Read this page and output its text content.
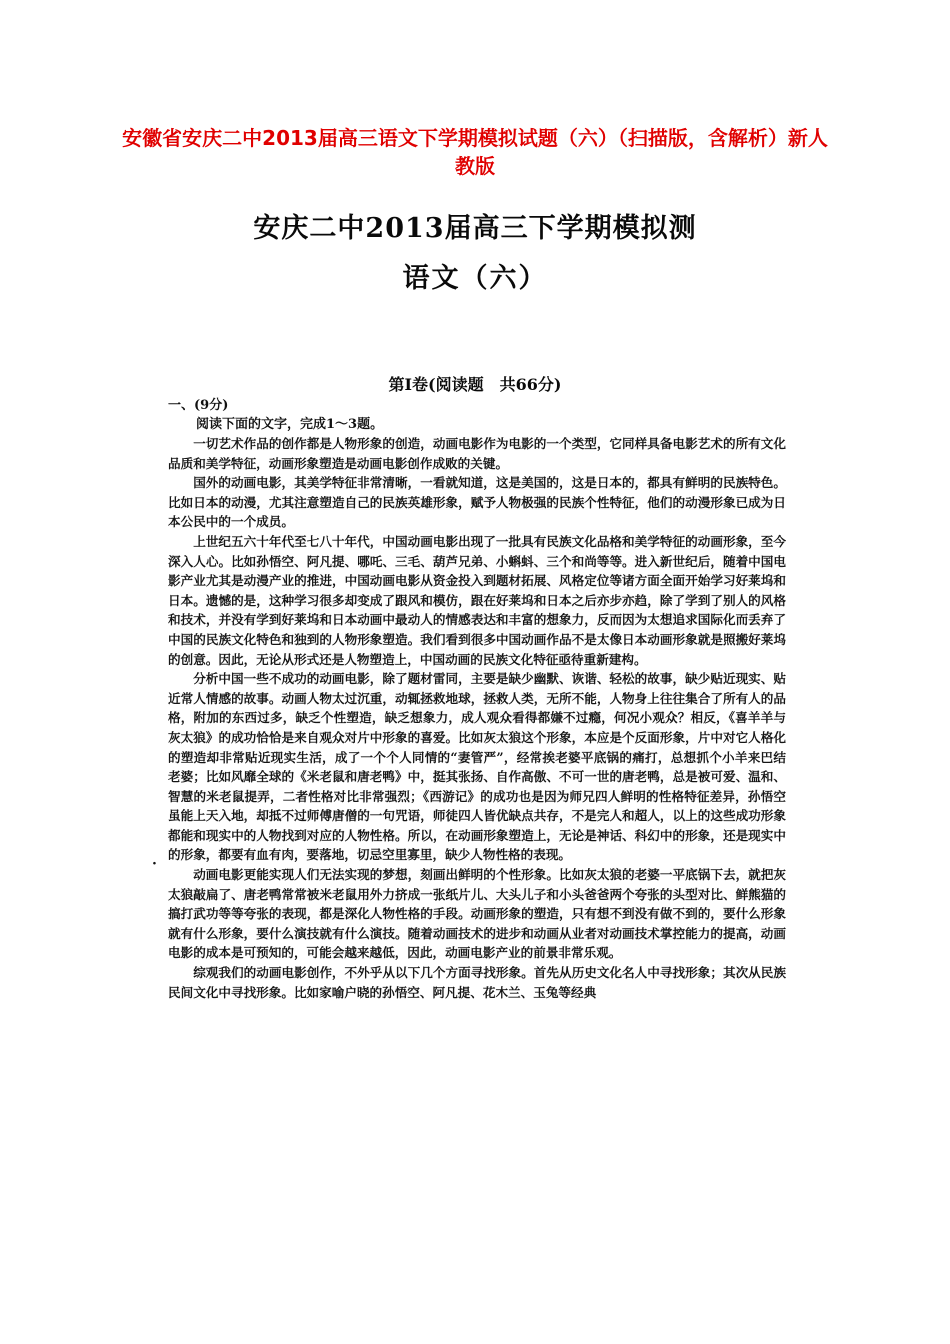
安徽省安庆二中2013届高三语文下学期模拟试题（六）（扫描版，含解析）新人教版
安庆二中2013届高三下学期模拟测
语文（六）
第Ⅰ卷(阅读题　共66分)
一、(9分)
阅读下面的文字，完成1～3题。
·

一切艺术作品的创作都是人物形象的创造，动画电影作为电影的一个类型，它同样具备电影艺术的所有文化品质和美学特征，动画形象塑造是动画电影创作成败的关键。

国外的动画电影，其美学特征非常清晰，一看就知道，这是美国的，这是日本的，都具有鲜明的民族特色。比如日本的动漫，尤其注意塑造自己的民族英雄形象，赋予人物极强的民族个性特征，他们的动漫形象已成为日本公民中的一个成员。

上世纪五六十年代至七八十年代，中国动画电影出现了一批具有民族文化品格和美学特征的动画形象，至今深入人心。比如孙悟空、阿凡提、哪吒、三毛、葫芦兄弟、小蝌蚪、三个和尚等等。进入新世纪后，随着中国电影产业尤其是动漫产业的推进，中国动画电影从资金投入到题材拓展、风格定位等诸方面全面开始学习好莱坞和日本。遗憾的是，这种学习很多却变成了跟风和模仿，跟在好莱坞和日本之后亦步亦趋，除了学到了别人的风格和技术，并没有学到好莱坞和日本动画中最动人的情感表达和丰富的想象力，反而因为太想追求国际化而丢弃了中国的民族文化特色和独到的人物形象塑造。我们看到很多中国动画作品不是太像日本动画形象就是照搬好莱坞的创意。因此，无论从形式还是人物塑造上，中国动画的民族文化特征亟待重新建构。

分析中国一些不成功的动画电影，除了题材雷同，主要是缺少幽默、诙谐、轻松的故事，缺少贴近现实、贴近常人情感的故事。动画人物太过沉重，动辄拯救地球，拯救人类，无所不能，人物身上往往集合了所有人的品格，附加的东西过多，缺乏个性塑造，缺乏想象力，成人观众看得都嫌不过瘾，何况小观众？相反，《喜羊羊与灰太狼》的成功恰恰是来自观众对片中形象的喜爱。比如灰太狼这个形象，本应是个反面形象，片中对它人格化的塑造却非常贴近现实生活，成了一个个人同情的“妻管严”，经常挨老婆平底锅的痛打，总想抓个小羊来巴结老婆；比如风靡全球的《米老鼠和唐老鸭》中，挺其张扬、自作高傲、不可一世的唐老鸭，总是被可爱、温和、智慧的米老鼠提弄，二者性格对比非常强烈；《西游记》的成功也是因为师兄四人鲜明的性格特征差异，孙悟空虽能上天入地，却抵不过师傅唐僧的一句咒语，师徒四人皆优缺点共存，不是完人和超人，以上的这些成功形象都能和现实中的人物找到对应的人物性格。所以，在动画形象塑造上，无论是神话、科幻中的形象，还是现实中的形象，都要有血有肉，要落地，切忌空里寡里，缺少人物性格的表现。

动画电影更能实现人们无法实现的梦想，刻画出鲜明的个性形象。比如灰太狼的老婆一平底锅下去，就把灰太狼敲扁了、唐老鸭常常被米老鼠用外力挤成一张纸片儿、大头儿子和小头爸爸两个夸张的头型对比、鲜熊猫的搞打武功等等夸张的表现，都是深化人物性格的手段。动画形象的塑造，只有想不到没有做不到的，要什么形象就有什么形象，要什么演技就有什么演技。随着动画技术的进步和动画从业者对动画技术掌控能力的提高，动画电影的成本是可预知的，可能会越来越低，因此，动画电影产业的前景非常乐观。

综观我们的动画电影创作，不外乎从以下几个方面寻找形象。首先从历史文化名人中寻找形象；其次从民族民间文化中寻找形象。比如家喻户晓的孙悟空、阿凡提、花木兰、玉兔等经典
